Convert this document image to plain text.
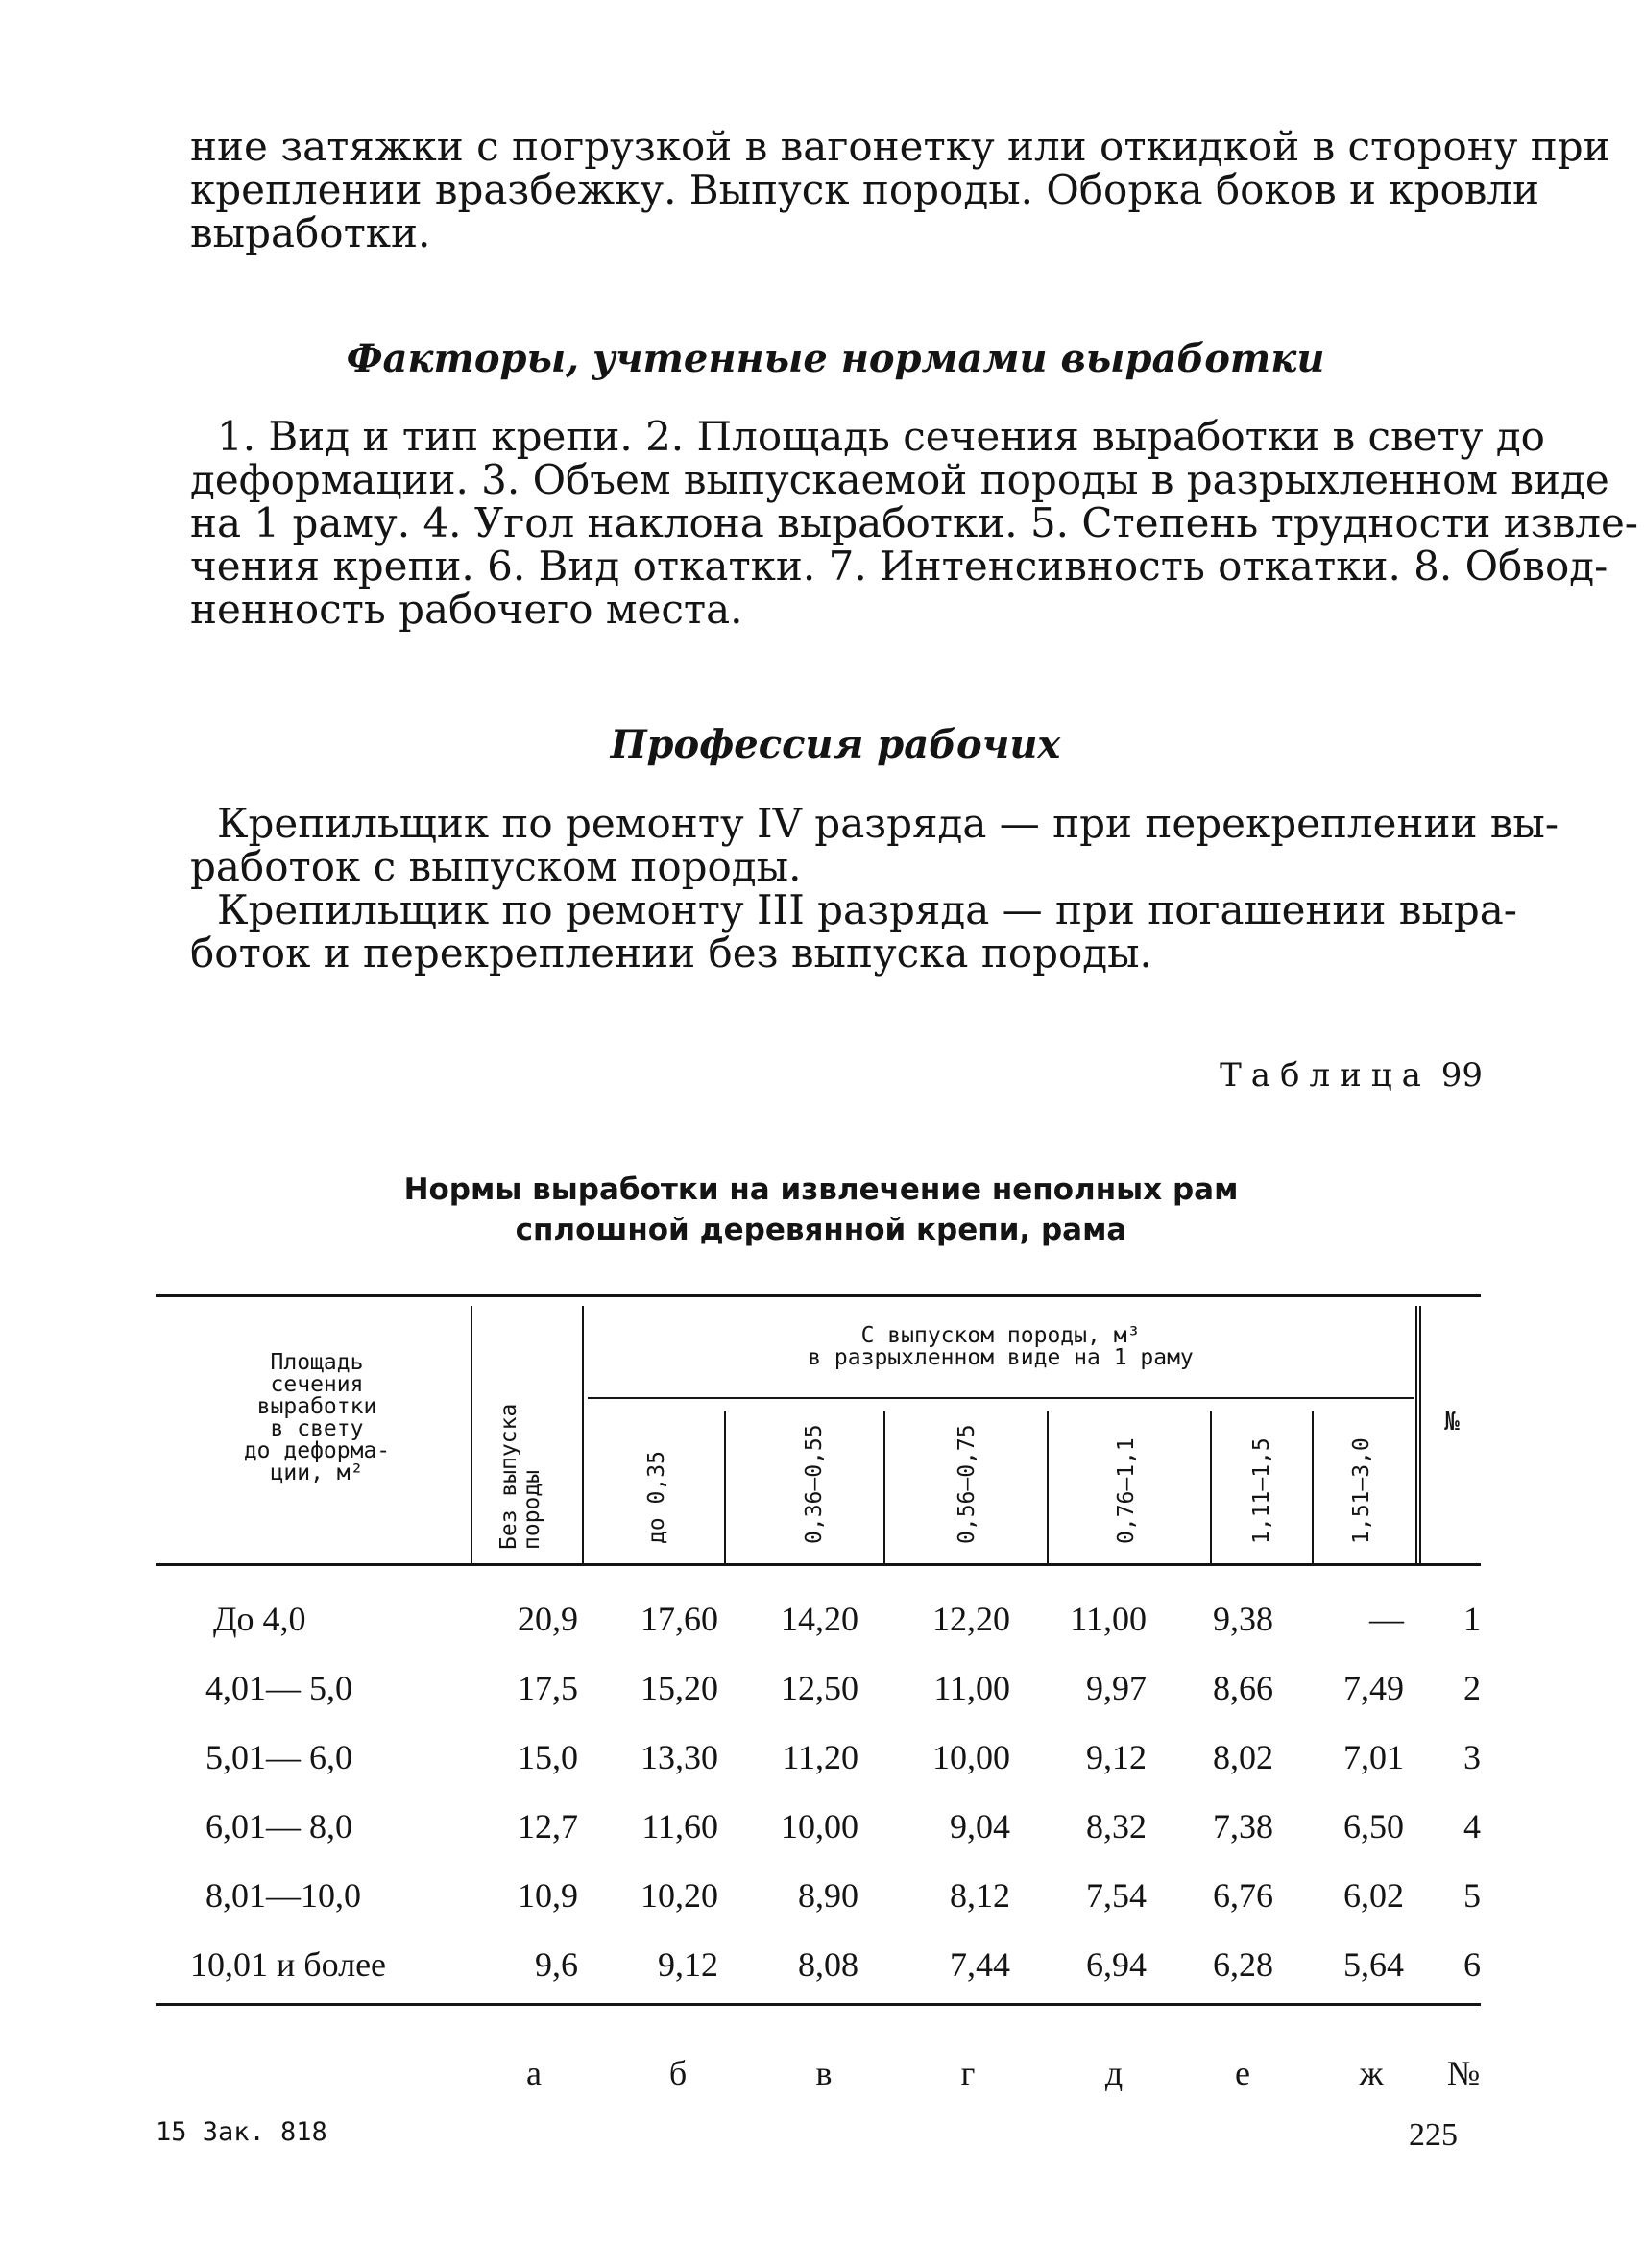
ние затяжки с погрузкой в вагонетку или откидкой в сторону при
креплении вразбежку. Выпуск породы. Оборка боков и кровли
выработки.

Факторы, учтенные нормами выработки

1. Вид и тип крепи. 2. Площадь сечения выработки в свету до
деформации. 3. Объем выпускаемой породы в разрыхленном виде
на 1 раму. 4. Угол наклона выработки. 5. Степень трудности извле-
чения крепи. 6. Вид откатки. 7. Интенсивность откатки. 8. Обвод-
ненность рабочего места.

Профессия рабочих

Крепильщик по ремонту IV разряда — при перекреплении вы-
работок с выпуском породы.

Крепильщик по ремонту III разряда — при погашении выра-
боток и перекреплении без выпуска породы.

Таблица 99
Нормы выработки на извлечение неполных рам
сплошной деревянной крепи, рама
Площадь
сечения
выработки
в свету
до деформа-
ции, м²	Без выпуска
породы
С выпуском породы, м³
в разрыхленном виде на 1 раму
до 0,35	0,36—0,55	0,56—0,75	0,76—1,1	1,11—1,5	1,51—3,0
№
До 4,0	20,9	17,60	14,20	12,20	11,00	9,38	—	1
4,01— 5,0	17,5	15,20	12,50	11,00	9,97	8,66	7,49	2
5,01— 6,0	15,0	13,30	11,20	10,00	9,12	8,02	7,01	3
6,01— 8,0	12,7	11,60	10,00	9,04	8,32	7,38	6,50	4
8,01—10,0	10,9	10,20	8,90	8,12	7,54	6,76	6,02	5
10,01 и более	9,6	9,12	8,08	7,44	6,94	6,28	5,64	6
а	б	в	г	д	е	ж	№
15 Зак. 818	225
